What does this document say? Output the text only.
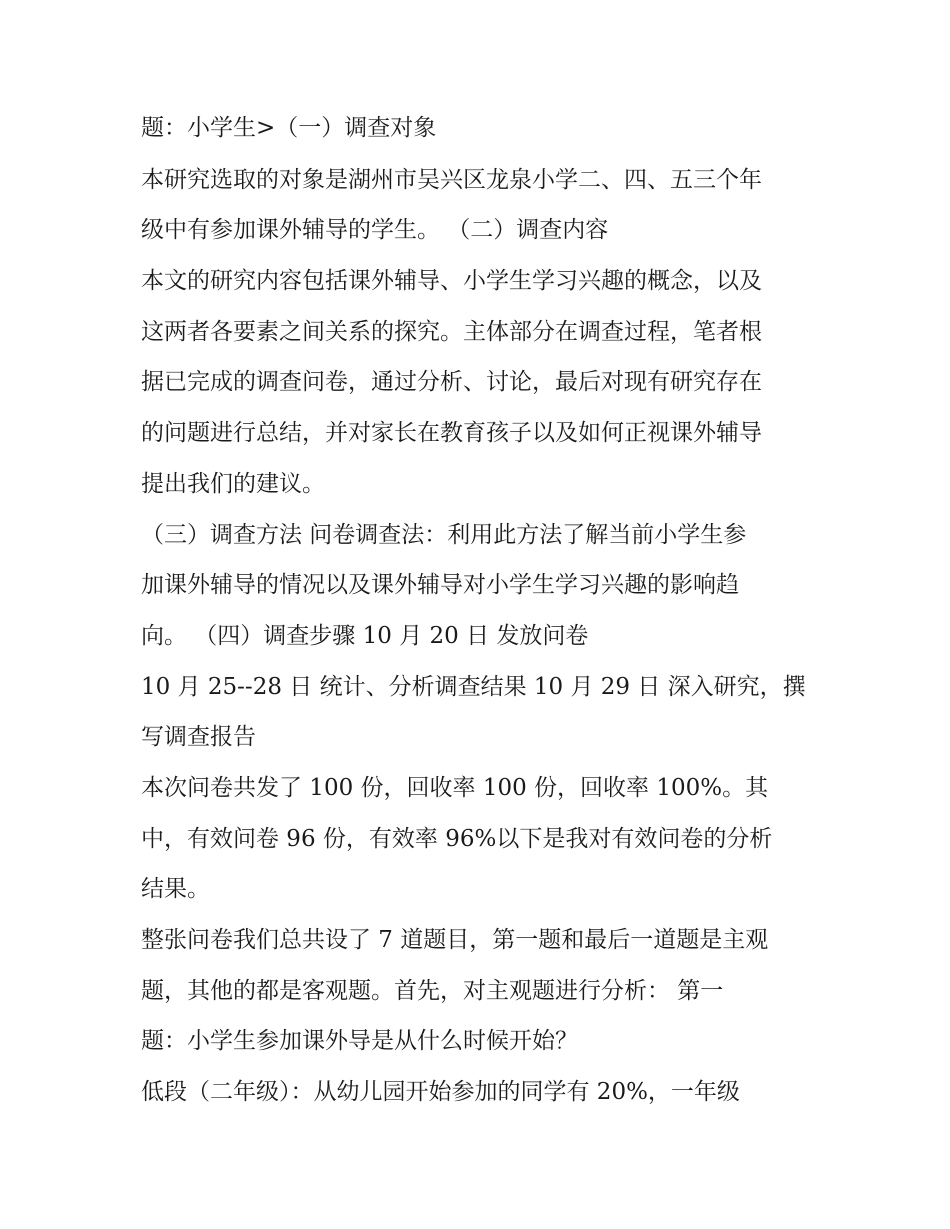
题：小学生>（一）调查对象
本研究选取的对象是湖州市吴兴区龙泉小学二、四、五三个年
级中有参加课外辅导的学生。 （二）调查内容
本文的研究内容包括课外辅导、小学生学习兴趣的概念，以及
这两者各要素之间关系的探究。主体部分在调查过程，笔者根
据已完成的调查问卷，通过分析、讨论，最后对现有研究存在
的问题进行总结，并对家长在教育孩子以及如何正视课外辅导
提出我们的建议。
（三）调查方法 问卷调查法：利用此方法了解当前小学生参
加课外辅导的情况以及课外辅导对小学生学习兴趣的影响趋
向。 （四）调查步骤 10 月 20 日 发放问卷
10 月 25--28 日 统计、分析调查结果 10 月 29 日 深入研究，撰
写调查报告
本次问卷共发了 100 份，回收率 100 份，回收率 100%。其
中，有效问卷 96 份，有效率 96%以下是我对有效问卷的分析
结果。
整张问卷我们总共设了 7 道题目，第一题和最后一道题是主观
题，其他的都是客观题。首先，对主观题进行分析： 第一
题：小学生参加课外导是从什么时候开始？
低段（二年级）：从幼儿园开始参加的同学有 20%，一年级
